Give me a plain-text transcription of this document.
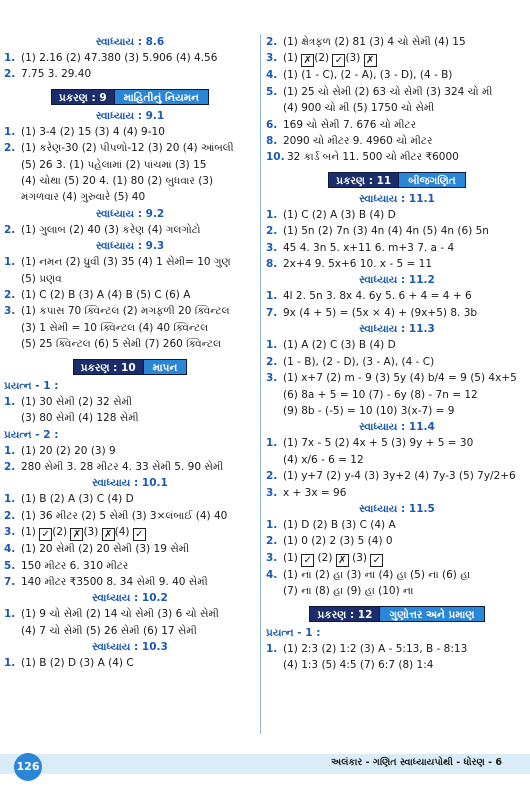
સ્વાધ્યાય : 8.6
1. (1) 2.16 (2) 47.380 (3) 5.906 (4) 4.56
2. 7.75 3. 29.40
પ્રકરણ : 9	માહિતીનું નિયમન
સ્વાધ્યાય : 9.1
1. (1) 3-4 (2) 15 (3) 4 (4) 9-10
2. (1) કરેણ-30 (2) પીપળો-12 (3) 20 (4) આંબલી
(5) 26 3. (1) પહેલામાં (2) પાંચમાં (3) 15
(4) ચોથા (5) 20 4. (1) 80 (2) બુધવાર (3)
મંગળવાર (4) ગુરુવારે (5) 40
સ્વાધ્યાય : 9.2
2. (1) ગુલાબ (2) 40 (3) કરેણ (4) ગલગોટો
સ્વાધ્યાય : 9.3
1. (1) નમન (2) ધ્રુવી (3) 35 (4) 1 સેમી= 10 ગુણ
(5) પ્રણવ
2. (1) C (2) B (3) A (4) B (5) C (6) A
3. (1) કપાસ 70 ક્વિન્ટલ (2) મગફળી 20 ક્વિન્ટલ
(3) 1 સેમી = 10 ક્વિન્ટલ (4) 40 ક્વિન્ટલ
(5) 25 ક્વિન્ટલ (6) 5 સેમી (7) 260 ક્વિન્ટલ
પ્રકરણ : 10	માપન
પ્રયત્ન - 1 :
1. (1) 30 સેમી (2) 32 સેમી
(3) 80 સેમી (4) 128 સેમી
પ્રયત્ન - 2 :
1. (1) 20 (2) 20 (3) 9
2. 280 સેમી 3. 28 મીટર 4. 33 સેમી 5. 90 સેમી
સ્વાધ્યાય : 10.1
1. (1) B (2) A (3) C (4) D
2. (1) 36 મીટર (2) 5 સેમી (3) 3×લંબાઈ (4) 40
3. (1) ✓ (2) ✗ (3) ✗ (4) ✓
4. (1) 20 સેમી (2) 20 સેમી (3) 19 સેમી
5. 150 મીટર 6. 310 મીટર
7. 140 મીટર ₹3500 8. 34 સેમી 9. 40 સેમી
સ્વાધ્યાય : 10.2
1. (1) 9 ચો સેમી (2) 14 ચો સેમી (3) 6 ચો સેમી
(4) 7 ચો સેમી (5) 26 સેમી (6) 17 સેમી
સ્વાધ્યાય : 10.3
1. (1) B (2) D (3) A (4) C
2. (1) ક્ષેત્રફળ (2) 81 (3) 4 ચો સેમી (4) 15
3. (1) ✗ (2) ✓ (3) ✗
4. (1) (1 - C), (2 - A), (3 - D), (4 - B)
5. (1) 25 ચો સેમી (2) 63 ચો સેમી (3) 324 ચો મી
(4) 900 ચો મી (5) 1750 ચો સેમી
6. 169 ચો સેમી 7. 676 ચો મીટર
8. 2090 ચો મીટર 9. 4960 ચો મીટર
10. 32 કાર્ડ બને 11. 500 ચો મીટર ₹6000
પ્રકરણ : 11	બીજગણિત
સ્વાધ્યાય : 11.1
1. (1) C (2) A (3) B (4) D
2. (1) 5n (2) 7n (3) 4n (4) 4n (5) 4n (6) 5n
3. 45 4. 3n 5. x+11 6. m+3 7. a - 4
8. 2x+4 9. 5x+6 10. x - 5 = 11
સ્વાધ્યાય : 11.2
1. 4l 2. 5n 3. 8x 4. 6y 5. 6 + 4 = 4 + 6
7. 9x (4 + 5) = (5x × 4) + (9x+5) 8. 3b
સ્વાધ્યાય : 11.3
1. (1) A (2) C (3) B (4) D
2. (1 - B), (2 - D), (3 - A), (4 - C)
3. (1) x+7 (2) m - 9 (3) 5y (4) b/4 = 9 (5) 4x+5
(6) 8a + 5 = 10 (7) - 6y (8) - 7n = 12
(9) 8b - (-5) = 10 (10) 3(x-7) = 9
સ્વાધ્યાય : 11.4
1. (1) 7x - 5 (2) 4x + 5 (3) 9y + 5 = 30
(4) x/6 - 6 = 12
2. (1) y+7 (2) y-4 (3) 3y+2 (4) 7y-3 (5) 7y/2+6
3. x + 3x = 96
સ્વાધ્યાય : 11.5
1. (1) D (2) B (3) C (4) A
2. (1) 0 (2) 2 (3) 5 (4) 0
3. (1) ✓ (2) ✗ (3) ✓
4. (1) ના (2) હા (3) ના (4) હા (5) ના (6) હા
(7) ના (8) હા (9) હા (10) ના
પ્રકરણ : 12	ગુણોત્તર અને પ્રમાણ
પ્રયત્ન - 1 :
1. (1) 2:3 (2) 1:2 (3) A - 5:13, B - 8:13
(4) 1:3 (5) 4:5 (7) 6:7 (8) 1:4
126	અલંકાર - ગણિત સ્વાધ્યાયપોથી - ધોરણ - 6
